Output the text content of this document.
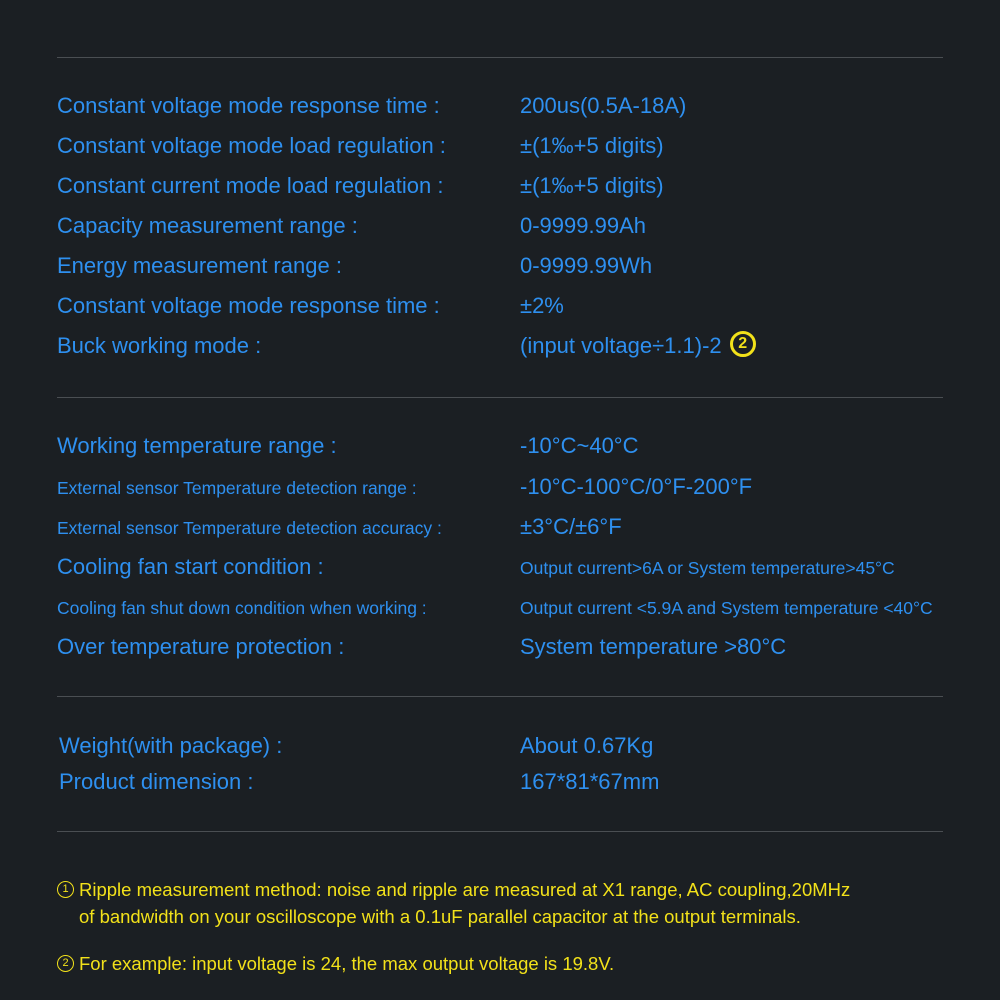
Constant voltage mode response time :	200us(0.5A-18A)
Constant voltage mode load regulation :	±(1‰+5 digits)
Constant current mode load regulation :	±(1‰+5 digits)
Capacity measurement range :	0-9999.99Ah
Energy measurement range :	0-9999.99Wh
Constant voltage mode response time :	±2%
Buck working mode :	(input voltage÷1.1)-2 2
Working temperature range :	-10°C~40°C
External sensor Temperature detection range :	-10°C-100°C/0°F-200°F
External sensor Temperature detection accuracy :	±3°C/±6°F
Cooling fan start condition :	Output current>6A or System temperature>45°C
Cooling fan shut down condition when working :	Output current <5.9A and System temperature <40°C
Over temperature protection :	System temperature >80°C
Weight(with package) :	About 0.67Kg
Product dimension :	167*81*67mm
1 Ripple measurement method: noise and ripple are measured at X1 range, AC coupling,20MHz
of bandwidth on your oscilloscope with a 0.1uF parallel capacitor at the output terminals.
2 For example: input voltage is 24, the max output voltage is 19.8V.
